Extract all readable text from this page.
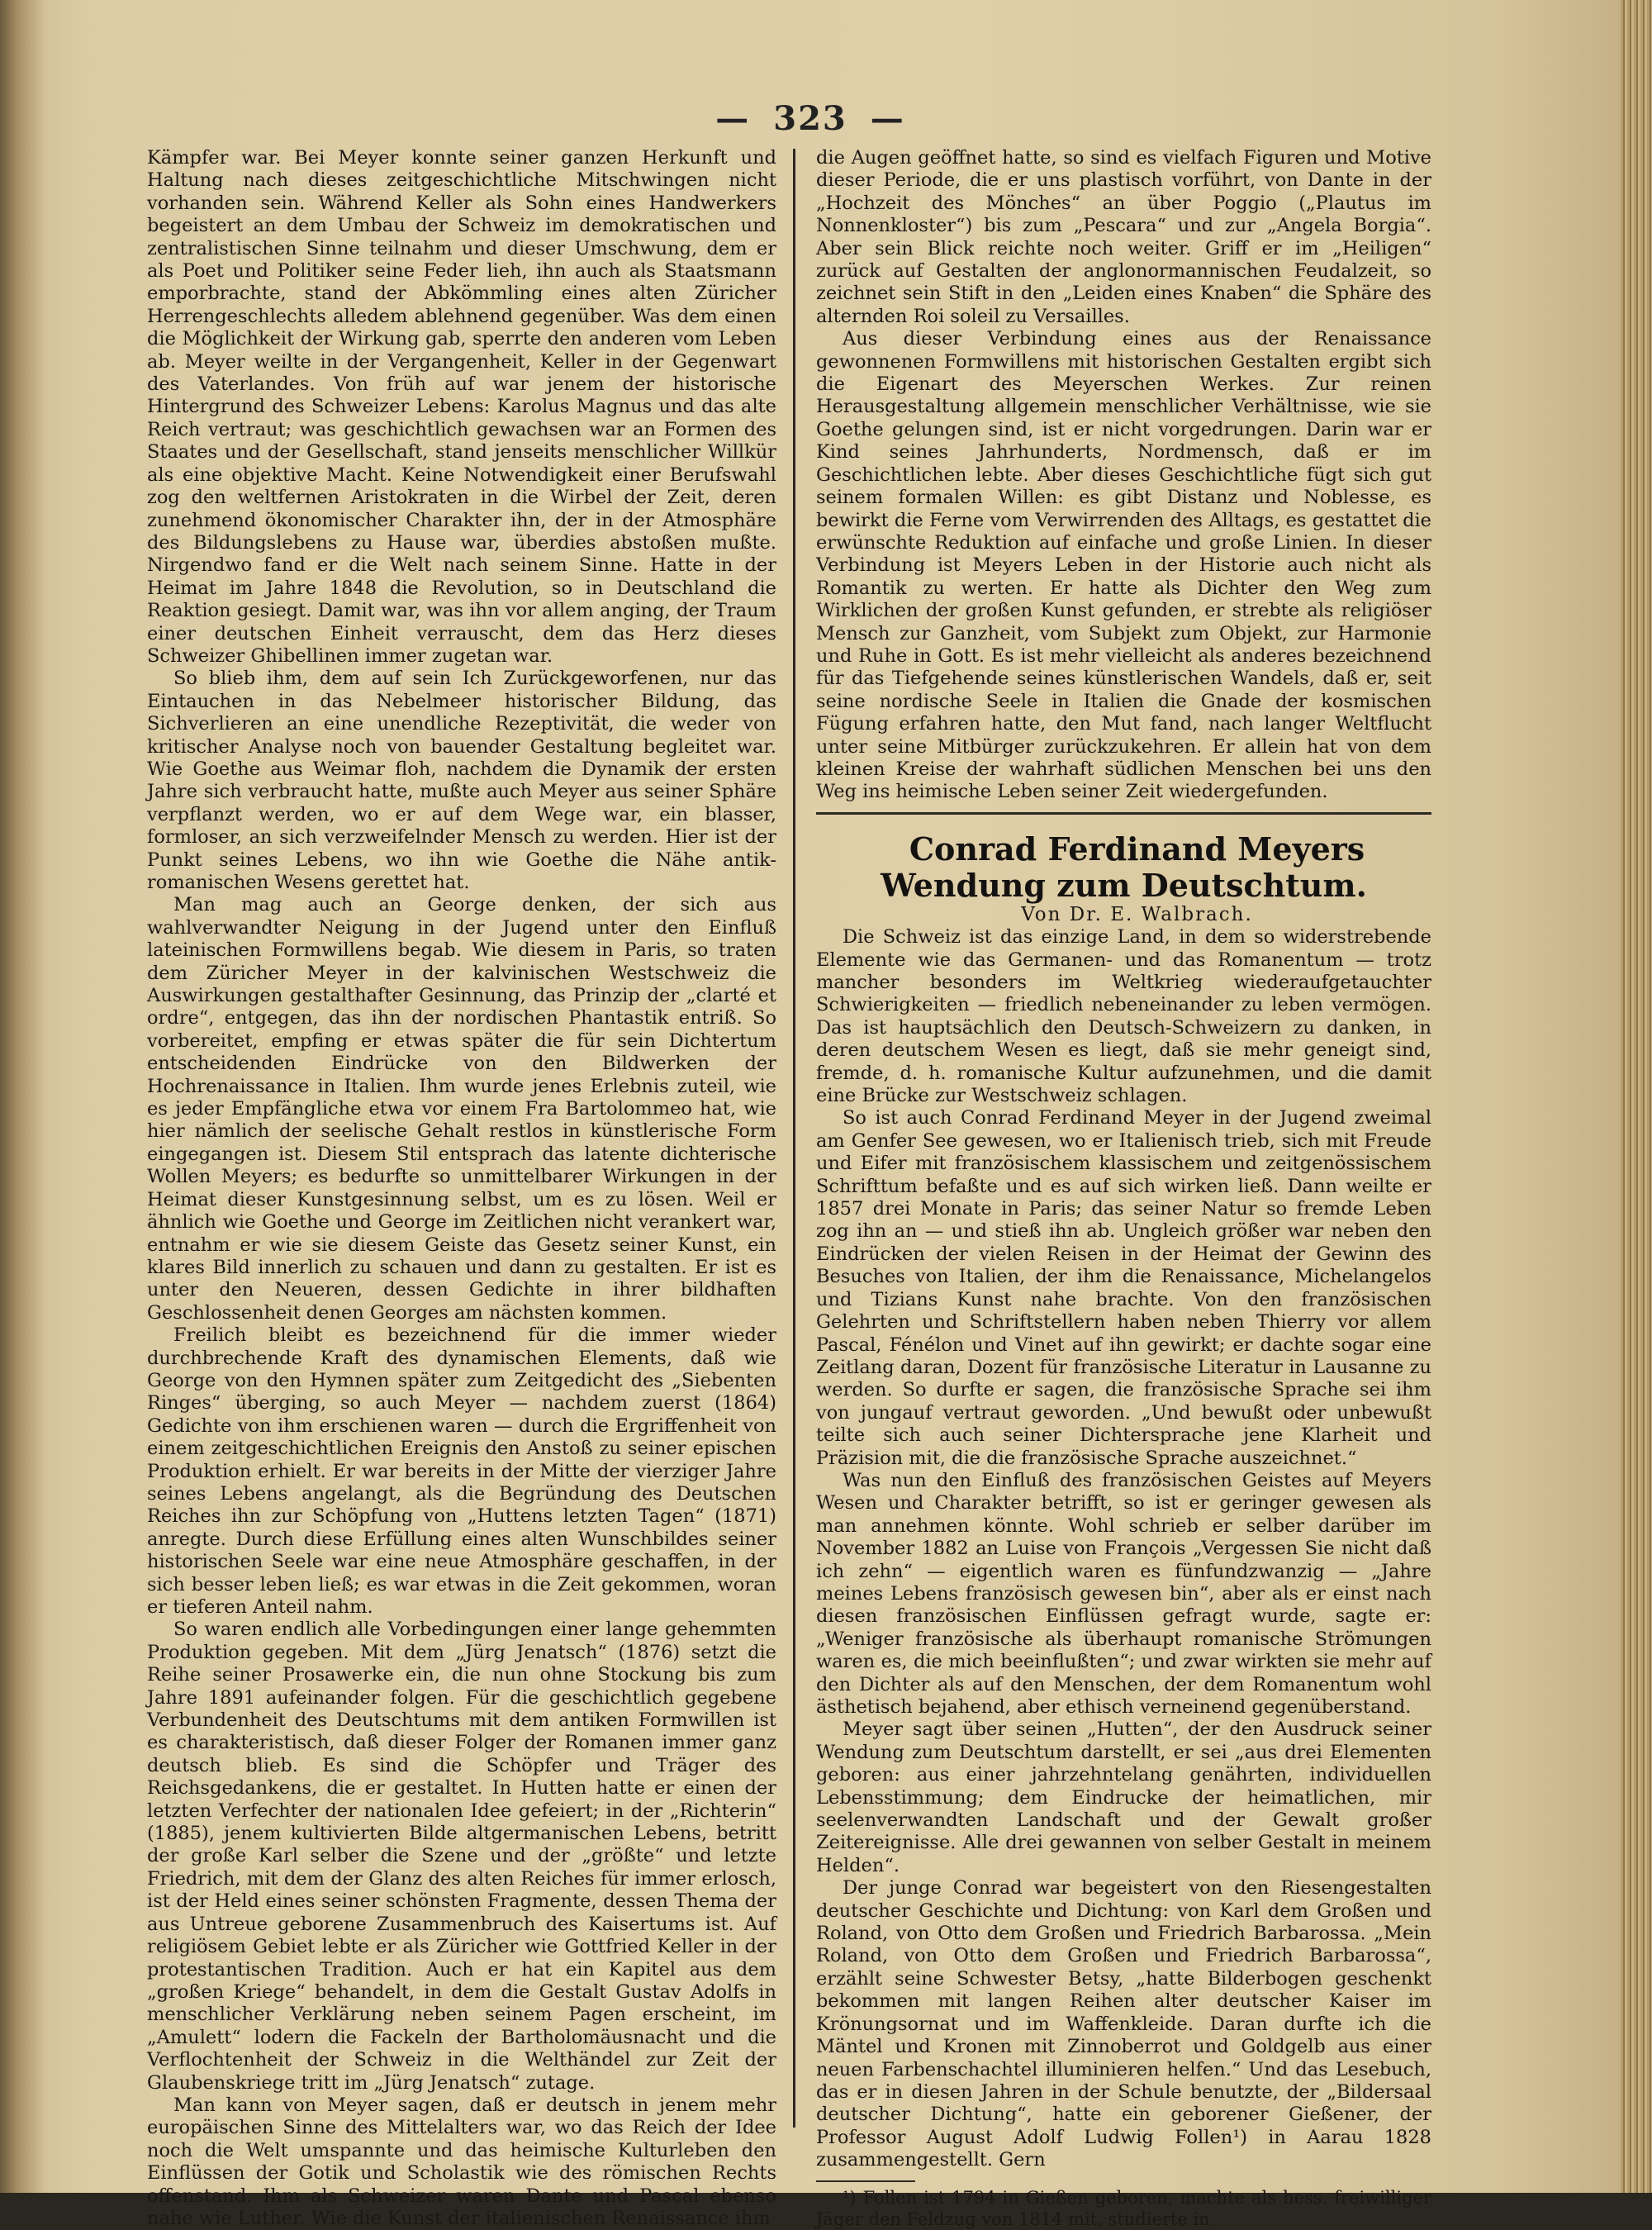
— 323 —

Kämpfer war. Bei Meyer konnte seiner ganzen Herkunft und Haltung nach dieses zeitgeschichtliche Mitschwingen nicht vorhanden sein. Während Keller als Sohn eines Handwerkers begeistert an dem Umbau der Schweiz im demokratischen und zentralistischen Sinne teilnahm und dieser Umschwung, dem er als Poet und Politiker seine Feder lieh, ihn auch als Staatsmann emporbrachte, stand der Abkömmling eines alten Züricher Herrengeschlechts alledem ablehnend gegenüber. Was dem einen die Möglichkeit der Wirkung gab, sperrte den anderen vom Leben ab. Meyer weilte in der Vergangenheit, Keller in der Gegenwart des Vaterlandes. Von früh auf war jenem der historische Hintergrund des Schweizer Lebens: Karolus Magnus und das alte Reich vertraut; was geschichtlich gewachsen war an Formen des Staates und der Gesellschaft, stand jenseits menschlicher Willkür als eine objektive Macht. Keine Notwendigkeit einer Berufswahl zog den weltfernen Aristokraten in die Wirbel der Zeit, deren zunehmend ökonomischer Charakter ihn, der in der Atmosphäre des Bildungslebens zu Hause war, überdies abstoßen mußte. Nirgendwo fand er die Welt nach seinem Sinne. Hatte in der Heimat im Jahre 1848 die Revolution, so in Deutschland die Reaktion gesiegt. Damit war, was ihn vor allem anging, der Traum einer deutschen Einheit verrauscht, dem das Herz dieses Schweizer Ghibellinen immer zugetan war.

So blieb ihm, dem auf sein Ich Zurückgeworfenen, nur das Eintauchen in das Nebelmeer historischer Bildung, das Sichverlieren an eine unendliche Rezeptivität, die weder von kritischer Analyse noch von bauender Gestaltung begleitet war. Wie Goethe aus Weimar floh, nachdem die Dynamik der ersten Jahre sich verbraucht hatte, mußte auch Meyer aus seiner Sphäre verpflanzt werden, wo er auf dem Wege war, ein blasser, formloser, an sich verzweifelnder Mensch zu werden. Hier ist der Punkt seines Lebens, wo ihn wie Goethe die Nähe antik-romanischen Wesens gerettet hat.

Man mag auch an George denken, der sich aus wahlverwandter Neigung in der Jugend unter den Einfluß lateinischen Formwillens begab. Wie diesem in Paris, so traten dem Züricher Meyer in der kalvinischen Westschweiz die Auswirkungen gestalthafter Gesinnung, das Prinzip der „clarté et ordre“, entgegen, das ihn der nordischen Phantastik entriß. So vorbereitet, empfing er etwas später die für sein Dichtertum entscheidenden Eindrücke von den Bildwerken der Hochrenaissance in Italien. Ihm wurde jenes Erlebnis zuteil, wie es jeder Empfängliche etwa vor einem Fra Bartolommeo hat, wie hier nämlich der seelische Gehalt restlos in künstlerische Form eingegangen ist. Diesem Stil entsprach das latente dichterische Wollen Meyers; es bedurfte so unmittelbarer Wirkungen in der Heimat dieser Kunstgesinnung selbst, um es zu lösen. Weil er ähnlich wie Goethe und George im Zeitlichen nicht verankert war, entnahm er wie sie diesem Geiste das Gesetz seiner Kunst, ein klares Bild innerlich zu schauen und dann zu gestalten. Er ist es unter den Neueren, dessen Gedichte in ihrer bildhaften Geschlossenheit denen Georges am nächsten kommen.

Freilich bleibt es bezeichnend für die immer wieder durchbrechende Kraft des dynamischen Elements, daß wie George von den Hymnen später zum Zeitgedicht des „Siebenten Ringes“ überging, so auch Meyer — nachdem zuerst (1864) Gedichte von ihm erschienen waren — durch die Ergriffenheit von einem zeitgeschichtlichen Ereignis den Anstoß zu seiner epischen Produktion erhielt. Er war bereits in der Mitte der vierziger Jahre seines Lebens angelangt, als die Begründung des Deutschen Reiches ihn zur Schöpfung von „Huttens letzten Tagen“ (1871) anregte. Durch diese Erfüllung eines alten Wunschbildes seiner historischen Seele war eine neue Atmosphäre geschaffen, in der sich besser leben ließ; es war etwas in die Zeit gekommen, woran er tieferen Anteil nahm.

So waren endlich alle Vorbedingungen einer lange gehemmten Produktion gegeben. Mit dem „Jürg Jenatsch“ (1876) setzt die Reihe seiner Prosawerke ein, die nun ohne Stockung bis zum Jahre 1891 aufeinander folgen. Für die geschichtlich gegebene Verbundenheit des Deutschtums mit dem antiken Formwillen ist es charakteristisch, daß dieser Folger der Romanen immer ganz deutsch blieb. Es sind die Schöpfer und Träger des Reichsgedankens, die er gestaltet. In Hutten hatte er einen der letzten Verfechter der nationalen Idee gefeiert; in der „Richterin“ (1885), jenem kultivierten Bilde altgermanischen Lebens, betritt der große Karl selber die Szene und der „größte“ und letzte Friedrich, mit dem der Glanz des alten Reiches für immer erlosch, ist der Held eines seiner schönsten Fragmente, dessen Thema der aus Untreue geborene Zusammenbruch des Kaisertums ist. Auf religiösem Gebiet lebte er als Züricher wie Gottfried Keller in der protestantischen Tradition. Auch er hat ein Kapitel aus dem „großen Kriege“ behandelt, in dem die Gestalt Gustav Adolfs in menschlicher Verklärung neben seinem Pagen erscheint, im „Amulett“ lodern die Fackeln der Bartholomäusnacht und die Verflochtenheit der Schweiz in die Welthändel zur Zeit der Glaubenskriege tritt im „Jürg Jenatsch“ zutage.

Man kann von Meyer sagen, daß er deutsch in jenem mehr europäischen Sinne des Mittelalters war, wo das Reich der Idee noch die Welt umspannte und das heimische Kulturleben den Einflüssen der Gotik und Scholastik wie des römischen Rechts offenstand. Ihm als Schweizer waren Dante und Pascal ebenso nahe wie Luther. Wie die Kunst der italienischen Renaissance ihm

die Augen geöffnet hatte, so sind es vielfach Figuren und Motive dieser Periode, die er uns plastisch vorführt, von Dante in der „Hochzeit des Mönches“ an über Poggio („Plautus im Nonnenkloster“) bis zum „Pescara“ und zur „Angela Borgia“. Aber sein Blick reichte noch weiter. Griff er im „Heiligen“ zurück auf Gestalten der anglonormannischen Feudalzeit, so zeichnet sein Stift in den „Leiden eines Knaben“ die Sphäre des alternden Roi soleil zu Versailles.

Aus dieser Verbindung eines aus der Renaissance gewonnenen Formwillens mit historischen Gestalten ergibt sich die Eigenart des Meyerschen Werkes. Zur reinen Herausgestaltung allgemein menschlicher Verhältnisse, wie sie Goethe gelungen sind, ist er nicht vorgedrungen. Darin war er Kind seines Jahrhunderts, Nordmensch, daß er im Geschichtlichen lebte. Aber dieses Geschichtliche fügt sich gut seinem formalen Willen: es gibt Distanz und Noblesse, es bewirkt die Ferne vom Verwirrenden des Alltags, es gestattet die erwünschte Reduktion auf einfache und große Linien. In dieser Verbindung ist Meyers Leben in der Historie auch nicht als Romantik zu werten. Er hatte als Dichter den Weg zum Wirklichen der großen Kunst gefunden, er strebte als religiöser Mensch zur Ganzheit, vom Subjekt zum Objekt, zur Harmonie und Ruhe in Gott. Es ist mehr vielleicht als anderes bezeichnend für das Tiefgehende seines künstlerischen Wandels, daß er, seit seine nordische Seele in Italien die Gnade der kosmischen Fügung erfahren hatte, den Mut fand, nach langer Weltflucht unter seine Mitbürger zurückzukehren. Er allein hat von dem kleinen Kreise der wahrhaft südlichen Menschen bei uns den Weg ins heimische Leben seiner Zeit wiedergefunden.

Conrad Ferdinand Meyers Wendung zum Deutschtum.

Von Dr. E. Walbrach.

Die Schweiz ist das einzige Land, in dem so widerstrebende Elemente wie das Germanen- und das Romanentum — trotz mancher besonders im Weltkrieg wiederaufgetauchter Schwierigkeiten — friedlich nebeneinander zu leben vermögen. Das ist hauptsächlich den Deutsch-Schweizern zu danken, in deren deutschem Wesen es liegt, daß sie mehr geneigt sind, fremde, d. h. romanische Kultur aufzunehmen, und die damit eine Brücke zur Westschweiz schlagen.

So ist auch Conrad Ferdinand Meyer in der Jugend zweimal am Genfer See gewesen, wo er Italienisch trieb, sich mit Freude und Eifer mit französischem klassischem und zeitgenössischem Schrifttum befaßte und es auf sich wirken ließ. Dann weilte er 1857 drei Monate in Paris; das seiner Natur so fremde Leben zog ihn an — und stieß ihn ab. Ungleich größer war neben den Eindrücken der vielen Reisen in der Heimat der Gewinn des Besuches von Italien, der ihm die Renaissance, Michelangelos und Tizians Kunst nahe brachte. Von den französischen Gelehrten und Schriftstellern haben neben Thierry vor allem Pascal, Fénélon und Vinet auf ihn gewirkt; er dachte sogar eine Zeitlang daran, Dozent für französische Literatur in Lausanne zu werden. So durfte er sagen, die französische Sprache sei ihm von jungauf vertraut geworden. „Und bewußt oder unbewußt teilte sich auch seiner Dichtersprache jene Klarheit und Präzision mit, die die französische Sprache auszeichnet.“

Was nun den Einfluß des französischen Geistes auf Meyers Wesen und Charakter betrifft, so ist er geringer gewesen als man annehmen könnte. Wohl schrieb er selber darüber im November 1882 an Luise von François „Vergessen Sie nicht daß ich zehn“ — eigentlich waren es fünfundzwanzig — „Jahre meines Lebens französisch gewesen bin“, aber als er einst nach diesen französischen Einflüssen gefragt wurde, sagte er: „Weniger französische als überhaupt romanische Strömungen waren es, die mich beeinflußten“; und zwar wirkten sie mehr auf den Dichter als auf den Menschen, der dem Romanentum wohl ästhetisch bejahend, aber ethisch verneinend gegenüberstand.

Meyer sagt über seinen „Hutten“, der den Ausdruck seiner Wendung zum Deutschtum darstellt, er sei „aus drei Elementen geboren: aus einer jahrzehntelang genährten, individuellen Lebensstimmung; dem Eindrucke der heimatlichen, mir seelenverwandten Landschaft und der Gewalt großer Zeitereignisse. Alle drei gewannen von selber Gestalt in meinem Helden“.

Der junge Conrad war begeistert von den Riesengestalten deutscher Geschichte und Dichtung: von Karl dem Großen und Roland, von Otto dem Großen und Friedrich Barbarossa. „Mein Roland, von Otto dem Großen und Friedrich Barbarossa“, erzählt seine Schwester Betsy, „hatte Bilderbogen geschenkt bekommen mit langen Reihen alter deutscher Kaiser im Krönungsornat und im Waffenkleide. Daran durfte ich die Mäntel und Kronen mit Zinnoberrot und Goldgelb aus einer neuen Farbenschachtel illuminieren helfen.“ Und das Lesebuch, das er in diesen Jahren in der Schule benutzte, der „Bildersaal deutscher Dichtung“, hatte ein geborener Gießener, der Professor August Adolf Ludwig Follen¹) in Aarau 1828 zusammengestellt. Gern

¹) Follen ist 1794 in Gießen geboren, machte als hess. freiwilliger Jäger den Feldzug von 1814 mit, studierte in
